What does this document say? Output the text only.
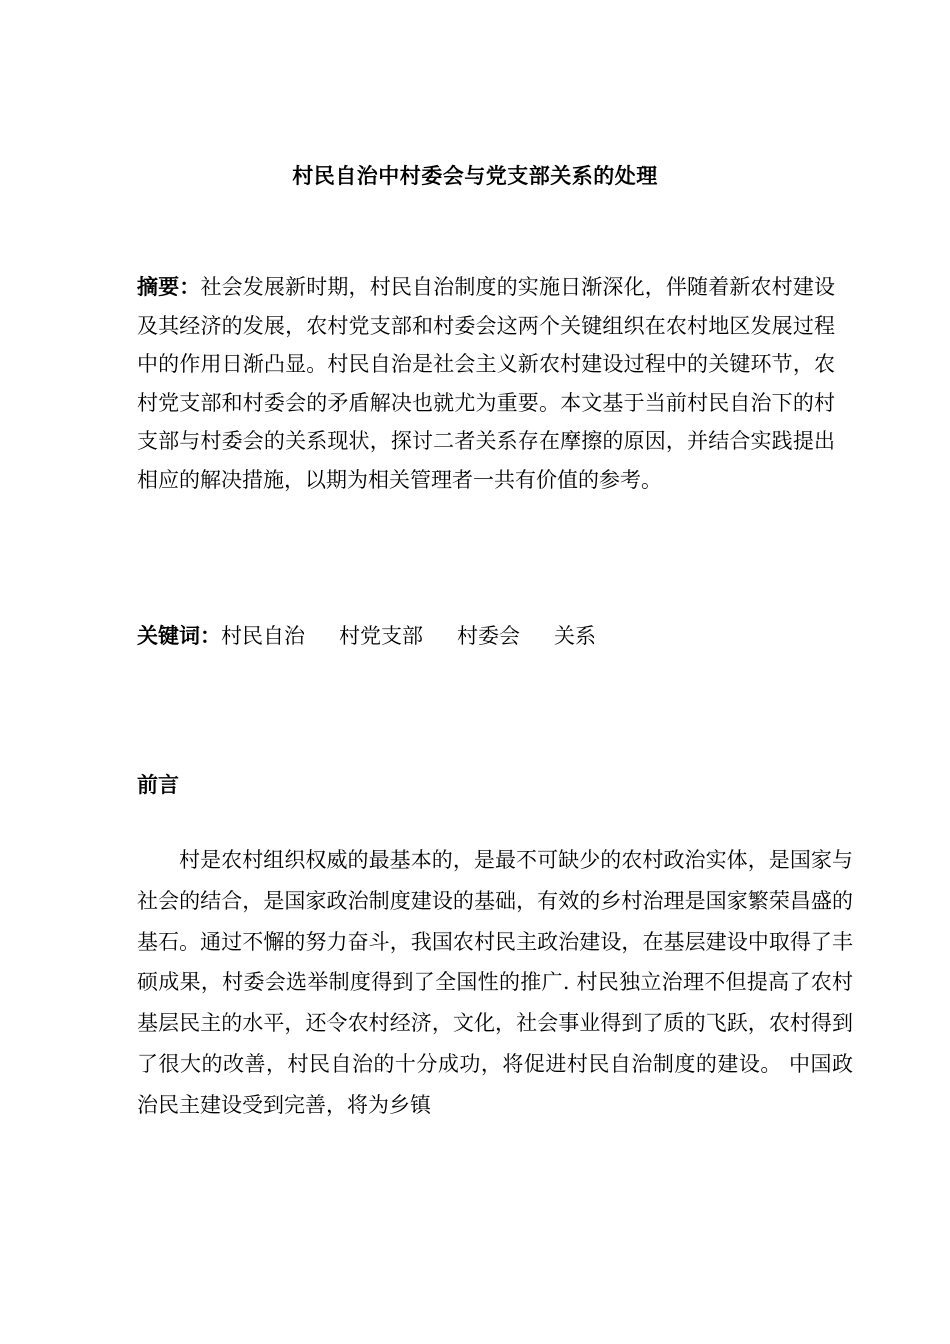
村民自治中村委会与党支部关系的处理
摘要：社会发展新时期，村民自治制度的实施日渐深化，伴随着新农村建设及其经济的发展，农村党支部和村委会这两个关键组织在农村地区发展过程中的作用日渐凸显。村民自治是社会主义新农村建设过程中的关键环节，农村党支部和村委会的矛盾解决也就尤为重要。本文基于当前村民自治下的村支部与村委会的关系现状，探讨二者关系存在摩擦的原因，并结合实践提出相应的解决措施，以期为相关管理者一共有价值的参考。
关键词：村民自治 村党支部 村委会 关系
前言
村是农村组织权威的最基本的，是最不可缺少的农村政治实体，是国家与社会的结合，是国家政治制度建设的基础，有效的乡村治理是国家繁荣昌盛的基石。通过不懈的努力奋斗，我国农村民主政治建设，在基层建设中取得了丰硕成果，村委会选举制度得到了全国性的推广. 村民独立治理不但提高了农村基层民主的水平，还令农村经济，文化，社会事业得到了质的飞跃，农村得到了很大的改善，村民自治的十分成功，将促进村民自治制度的建设。 中国政治民主建设受到完善，将为乡镇
